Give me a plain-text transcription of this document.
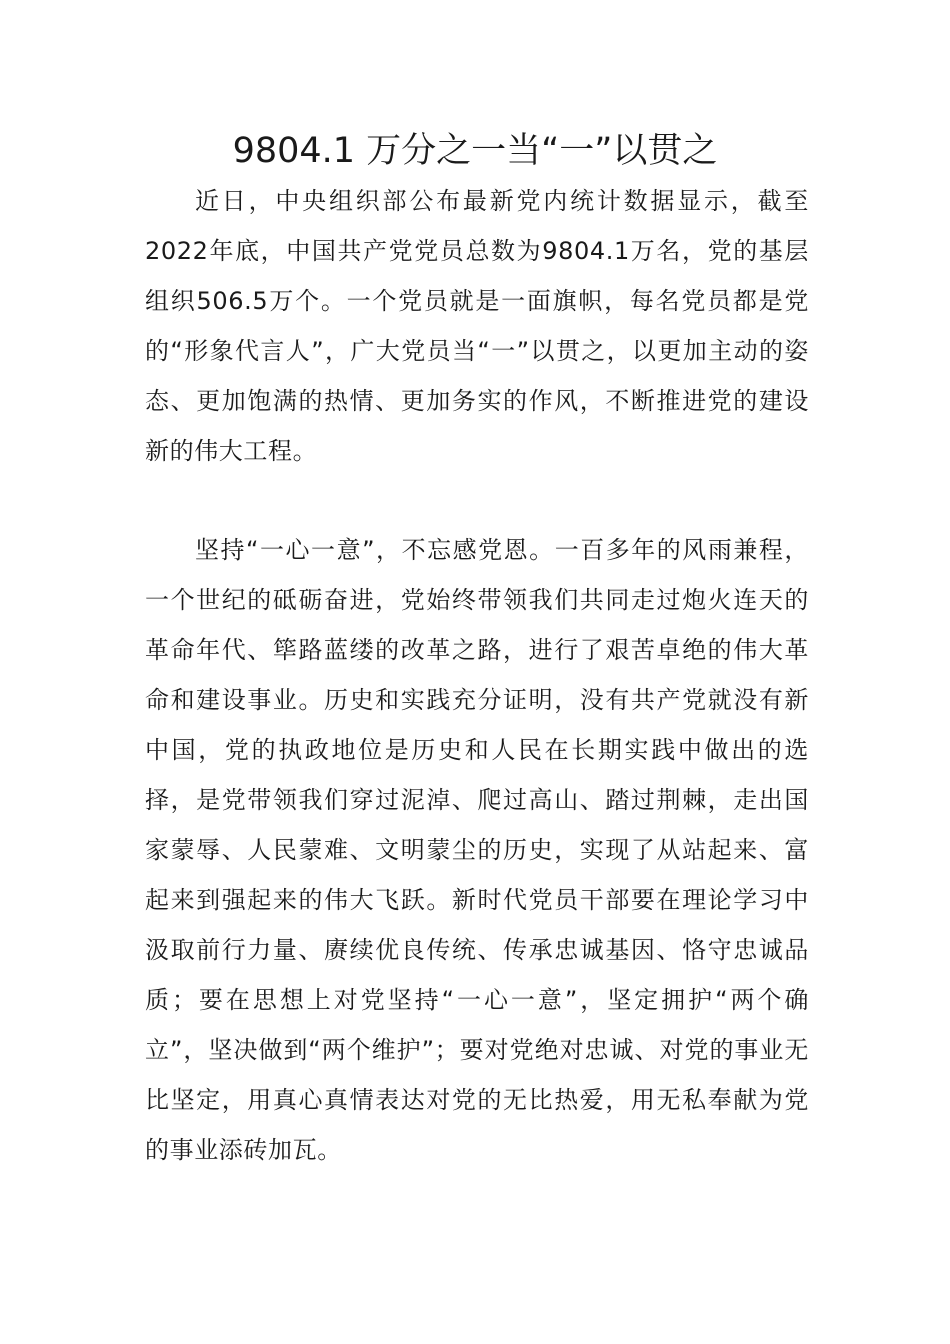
9804.1 万分之一当“一”以贯之

近日，中央组织部公布最新党内统计数据显示，截至2022年底，中国共产党党员总数为9804.1万名，党的基层组织506.5万个。一个党员就是一面旗帜，每名党员都是党的“形象代言人”，广大党员当“一”以贯之，以更加主动的姿态、更加饱满的热情、更加务实的作风，不断推进党的建设新的伟大工程。

坚持“一心一意”，不忘感党恩。一百多年的风雨兼程，一个世纪的砥砺奋进，党始终带领我们共同走过炮火连天的革命年代、筚路蓝缕的改革之路，进行了艰苦卓绝的伟大革命和建设事业。历史和实践充分证明，没有共产党就没有新中国，党的执政地位是历史和人民在长期实践中做出的选择，是党带领我们穿过泥淖、爬过高山、踏过荆棘，走出国家蒙辱、人民蒙难、文明蒙尘的历史，实现了从站起来、富起来到强起来的伟大飞跃。新时代党员干部要在理论学习中汲取前行力量、赓续优良传统、传承忠诚基因、恪守忠诚品质；要在思想上对党坚持“一心一意”，坚定拥护“两个确立”，坚决做到“两个维护”；要对党绝对忠诚、对党的事业无比坚定，用真心真情表达对党的无比热爱，用无私奉献为党的事业添砖加瓦。
